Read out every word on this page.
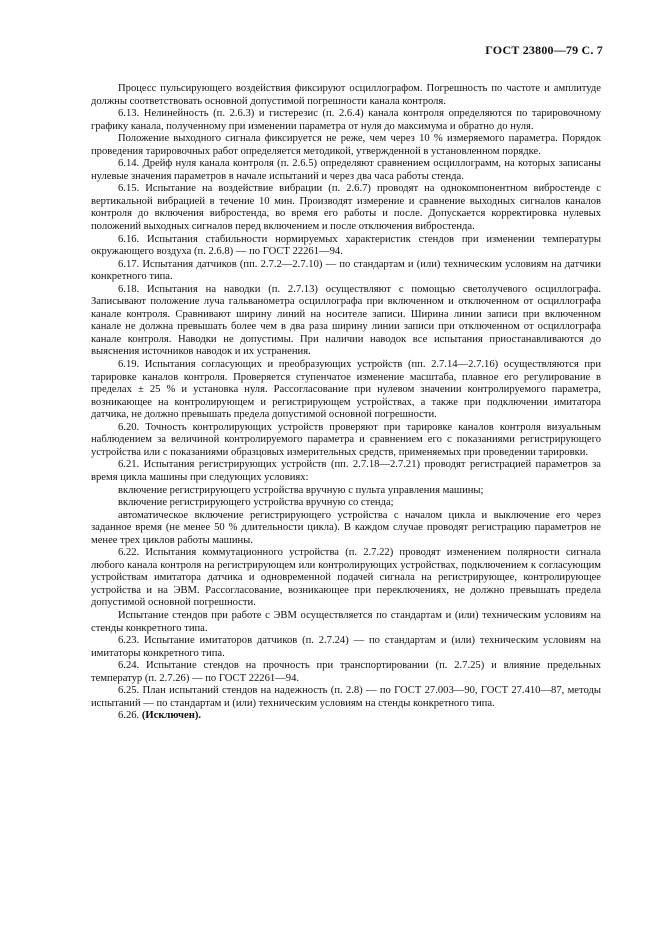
ГОСТ 23800—79 С. 7

Процесс пульсирующего воздействия фиксируют осциллографом. Погрешность по частоте и амплитуде должны соответствовать основной допустимой погрешности канала контроля.

6.13. Нелинейность (п. 2.6.3) и гистерезис (п. 2.6.4) канала контроля определяются по тарировочному графику канала, полученному при изменении параметра от нуля до максимума и обратно до нуля.

Положение выходного сигнала фиксируется не реже, чем через 10 % измеряемого параметра. Порядок проведения тарировочных работ определяется методикой, утвержденной в установленном порядке.

6.14. Дрейф нуля канала контроля (п. 2.6.5) определяют сравнением осциллограмм, на которых записаны нулевые значения параметров в начале испытаний и через два часа работы стенда.

6.15. Испытание на воздействие вибрации (п. 2.6.7) проводят на однокомпонентном вибростенде с вертикальной вибрацией в течение 10 мин. Производят измерение и сравнение выходных сигналов каналов контроля до включения вибростенда, во время его работы и после. Допускается корректировка нулевых положений выходных сигналов перед включением и после отключения вибростенда.

6.16. Испытания стабильности нормируемых характеристик стендов при изменении температуры окружающего воздуха (п. 2.6.8) — по ГОСТ 22261—94.

6.17. Испытания датчиков (пп. 2.7.2—2.7.10) — по стандартам и (или) техническим условиям на датчики конкретного типа.

6.18. Испытания на наводки (п. 2.7.13) осуществляют с помощью светолучевого осциллографа. Записывают положение луча гальванометра осциллографа при включенном и отключенном от осциллографа канале контроля. Сравнивают ширину линий на носителе записи. Ширина линии записи при включенном канале не должна превышать более чем в два раза ширину линии записи при отключенном от осциллографа канале контроля. Наводки не допустимы. При наличии наводок все испытания приостанавливаются до выяснения источников наводок и их устранения.

6.19. Испытания согласующих и преобразующих устройств (пп. 2.7.14—2.7.16) осуществляются при тарировке каналов контроля. Проверяется ступенчатое изменение масштаба, плавное его регулирование в пределах ± 25 % и установка нуля. Рассогласование при нулевом значении контролируемого параметра, возникающее на контролирующем и регистрирующем устройствах, а также при подключении имитатора датчика, не должно превышать предела допустимой основной погрешности.

6.20. Точность контролирующих устройств проверяют при тарировке каналов контроля визуальным наблюдением за величиной контролируемого параметра и сравнением его с показаниями регистрирующего устройства или с показаниями образцовых измерительных средств, применяемых при проведении тарировки.

6.21. Испытания регистрирующих устройств (пп. 2.7.18—2.7.21) проводят регистрацией параметров за время цикла машины при следующих условиях:

включение регистрирующего устройства вручную с пульта управления машины;

включение регистрирующего устройства вручную со стенда;

автоматическое включение регистрирующего устройства с началом цикла и выключение его через заданное время (не менее 50 % длительности цикла). В каждом случае проводят регистрацию параметров не менее трех циклов работы машины.

6.22. Испытания коммутационного устройства (п. 2.7.22) проводят изменением полярности сигнала любого канала контроля на регистрирующем или контролирующих устройствах, подключением к согласующим устройствам имитатора датчика и одновременной подачей сигнала на регистрирующее, контролирующее устройства и на ЭВМ. Рассогласование, возникающее при переключениях, не должно превышать предела допустимой основной погрешности.

Испытание стендов при работе с ЭВМ осуществляется по стандартам и (или) техническим условиям на стенды конкретного типа.

6.23. Испытание имитаторов датчиков (п. 2.7.24) — по стандартам и (или) техническим условиям на имитаторы конкретного типа.

6.24. Испытание стендов на прочность при транспортировании (п. 2.7.25) и влияние предельных температур (п. 2.7.26) — по ГОСТ 22261—94.

6.25. План испытаний стендов на надежность (п. 2.8) — по ГОСТ 27.003—90, ГОСТ 27.410—87, методы испытаний — по стандартам и (или) техническим условиям на стенды конкретного типа.

6.26. (Исключен).
